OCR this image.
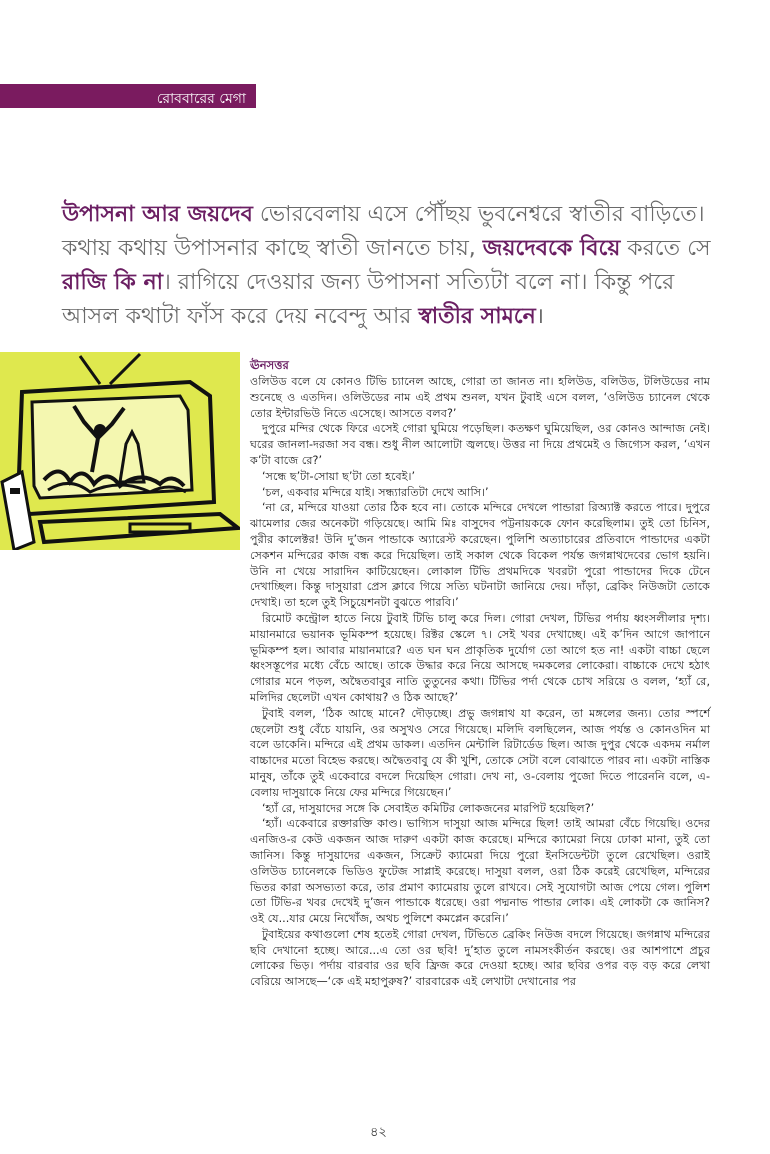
রোববারের মেগা

উপাসনা আর জয়দেব ভোরবেলায় এসে পৌঁছয় ভুবনেশ্বরে স্বাতীর বাড়িতে। কথায় কথায় উপাসনার কাছে স্বাতী জানতে চায়, জয়দেবকে বিয়ে করতে সে রাজি কি না। রাগিয়ে দেওয়ার জন্য উপাসনা সত্যিটা বলে না। কিন্তু পরে আসল কথাটা ফাঁস করে দেয় নবেন্দু আর স্বাতীর সামনে।

ঊনসত্তর

ওলিউড বলে যে কোনও টিভি চ্যানেল আছে, গোরা তা জানত না। হলিউড, বলিউড, টলিউডের নাম শুনেছে ও এতদিন। ওলিউডের নাম এই প্রথম শুনল, যখন টুবাই এসে বলল, ‘ওলিউড চ্যানেল থেকে তোর ইন্টারভিউ নিতে এসেছে। আসতে বলব?’

দুপুরে মন্দির থেকে ফিরে এসেই গোরা ঘুমিয়ে পড়েছিল। কতক্ষণ ঘুমিয়েছিল, ওর কোনও আন্দাজ নেই। ঘরের জানলা-দরজা সব বন্ধ। শুধু নীল আলোটা জ্বলছে। উত্তর না দিয়ে প্রথমেই ও জিগ্যেস করল, ‘এখন ক’টা বাজে রে?’

‘সন্ধে ছ’টা-সোয়া ছ’টা তো হবেই।’

‘চল, একবার মন্দিরে যাই। সন্ধ্যারতিটা দেখে আসি।’

‘না রে, মন্দিরে যাওয়া তোর ঠিক হবে না। তোকে মন্দিরে দেখলে পান্ডারা রিঅ্যাক্ট করতে পারে। দুপুরে ঝামেলার জের অনেকটা গড়িয়েছে। আমি মিঃ বাসুদেব পট্টনায়ককে ফোন করেছিলাম। তুই তো চিনিস, পুরীর কালেক্টর! উনি দু’জন পান্ডাকে অ্যারেস্ট করেছেন। পুলিশি অত্যাচারের প্রতিবাদে পান্ডাদের একটা সেকশন মন্দিরের কাজ বন্ধ করে দিয়েছিল। তাই সকাল থেকে বিকেল পর্যন্ত জগন্নাথদেবের ভোগ হয়নি। উনি না খেয়ে সারাদিন কাটিয়েছেন। লোকাল টিভি প্রথমদিকে খবরটা পুরো পান্ডাদের দিকে টেনে দেখাচ্ছিল। কিন্তু দাসুয়ারা প্রেস ক্লাবে গিয়ে সত্যি ঘটনাটা জানিয়ে দেয়। দাঁড়া, ব্রেকিং নিউজটা তোকে দেখাই। তা হলে তুই সিচুয়েশনটা বুঝতে পারবি।’

রিমোট কন্ট্রোল হাতে নিয়ে টুবাই টিভি চালু করে দিল। গোরা দেখল, টিভির পর্দায় ধ্বংসলীলার দৃশ্য। মায়ানমারে ভয়ানক ভূমিকম্প হয়েছে। রিক্টর স্কেলে ৭। সেই খবর দেখাচ্ছে। এই ক’দিন আগে জাপানে ভূমিকম্প হল। আবার মায়ানমারে? এত ঘন ঘন প্রাকৃতিক দুর্যোগ তো আগে হত না! একটা বাচ্চা ছেলে ধ্বংসস্তূপের মধ্যে বেঁচে আছে। তাকে উদ্ধার করে নিয়ে আসছে দমকলের লোকেরা। বাচ্চাকে দেখে হঠাৎ গোরার মনে পড়ল, অদ্বৈতবাবুর নাতি তুতুনের কথা। টিভির পর্দা থেকে চোখ সরিয়ে ও বলল, ‘হ্যাঁ রে, মলিদির ছেলেটা এখন কোথায়? ও ঠিক আছে?’

টুবাই বলল, ‘ঠিক আছে মানে? দৌড়চ্ছে। প্রভু জগন্নাথ যা করেন, তা মঙ্গলের জন্য। তোর স্পর্শে ছেলেটা শুধু বেঁচে যায়নি, ওর অসুখও সেরে গিয়েছে। মলিদি বলছিলেন, আজ পর্যন্ত ও কোনওদিন মা বলে ডাকেনি। মন্দিরে এই প্রথম ডাকল। এতদিন মেন্টালি রিটার্ডেড ছিল। আজ দুপুর থেকে একদম নর্মাল বাচ্চাদের মতো বিহেভ করছে। অদ্বৈতবাবু যে কী খুশি, তোকে সেটা বলে বোঝাতে পারব না। একটা নাস্তিক মানুষ, তাঁকে তুই একেবারে বদলে দিয়েছিস গোরা। দেখ না, ও-বেলায় পুজো দিতে পারেননি বলে, এ-বেলায় দাসুয়াকে নিয়ে ফের মন্দিরে গিয়েছেন।’

‘হ্যাঁ রে, দাসুয়াদের সঙ্গে কি সেবাইত কমিটির লোকজনের মারপিট হয়েছিল?’

‘হ্যাঁ। একেবারে রক্তারক্তি কাণ্ড। ভাগ্যিস দাসুয়া আজ মন্দিরে ছিল! তাই আমরা বেঁচে গিয়েছি। ওদের এনজিও-র কেউ একজন আজ দারুণ একটা কাজ করেছে। মন্দিরে ক্যামেরা নিয়ে ঢোকা মানা, তুই তো জানিস। কিন্তু দাসুয়াদের একজন, সিক্রেট ক্যামেরা দিয়ে পুরো ইনসিডেন্টটা তুলে রেখেছিল। ওরাই ওলিউড চ্যানেলকে ভিডিও ফুটেজ সাপ্লাই করেছে। দাসুয়া বলল, ওরা ঠিক করেই রেখেছিল, মন্দিরের ভিতর কারা অসভ্যতা করে, তার প্রমাণ ক্যামেরায় তুলে রাখবে। সেই সুযোগটা আজ পেয়ে গেল। পুলিশ তো টিভি-র খবর দেখেই দু’জন পান্ডাকে ধরেছে। ওরা পদ্মনাভ পান্ডার লোক। এই লোকটা কে জানিস? ওই যে...যার মেয়ে নিখোঁজ, অথচ পুলিশে কমপ্লেন করেনি।’

টুবাইয়ের কথাগুলো শেষ হতেই গোরা দেখল, টিভিতে ব্রেকিং নিউজ বদলে গিয়েছে। জগন্নাথ মন্দিরের ছবি দেখানো হচ্ছে। আরে...এ তো ওর ছবি! দু’হাত তুলে নামসংকীর্তন করছে। ওর আশপাশে প্রচুর লোকের ভিড়। পর্দায় বারবার ওর ছবি ফ্রিজ করে দেওয়া হচ্ছে। আর ছবির ওপর বড় বড় করে লেখা বেরিয়ে আসছে—‘কে এই মহাপুরুষ?’ বারবারেক এই লেখাটা দেখানোর পর

৪২
